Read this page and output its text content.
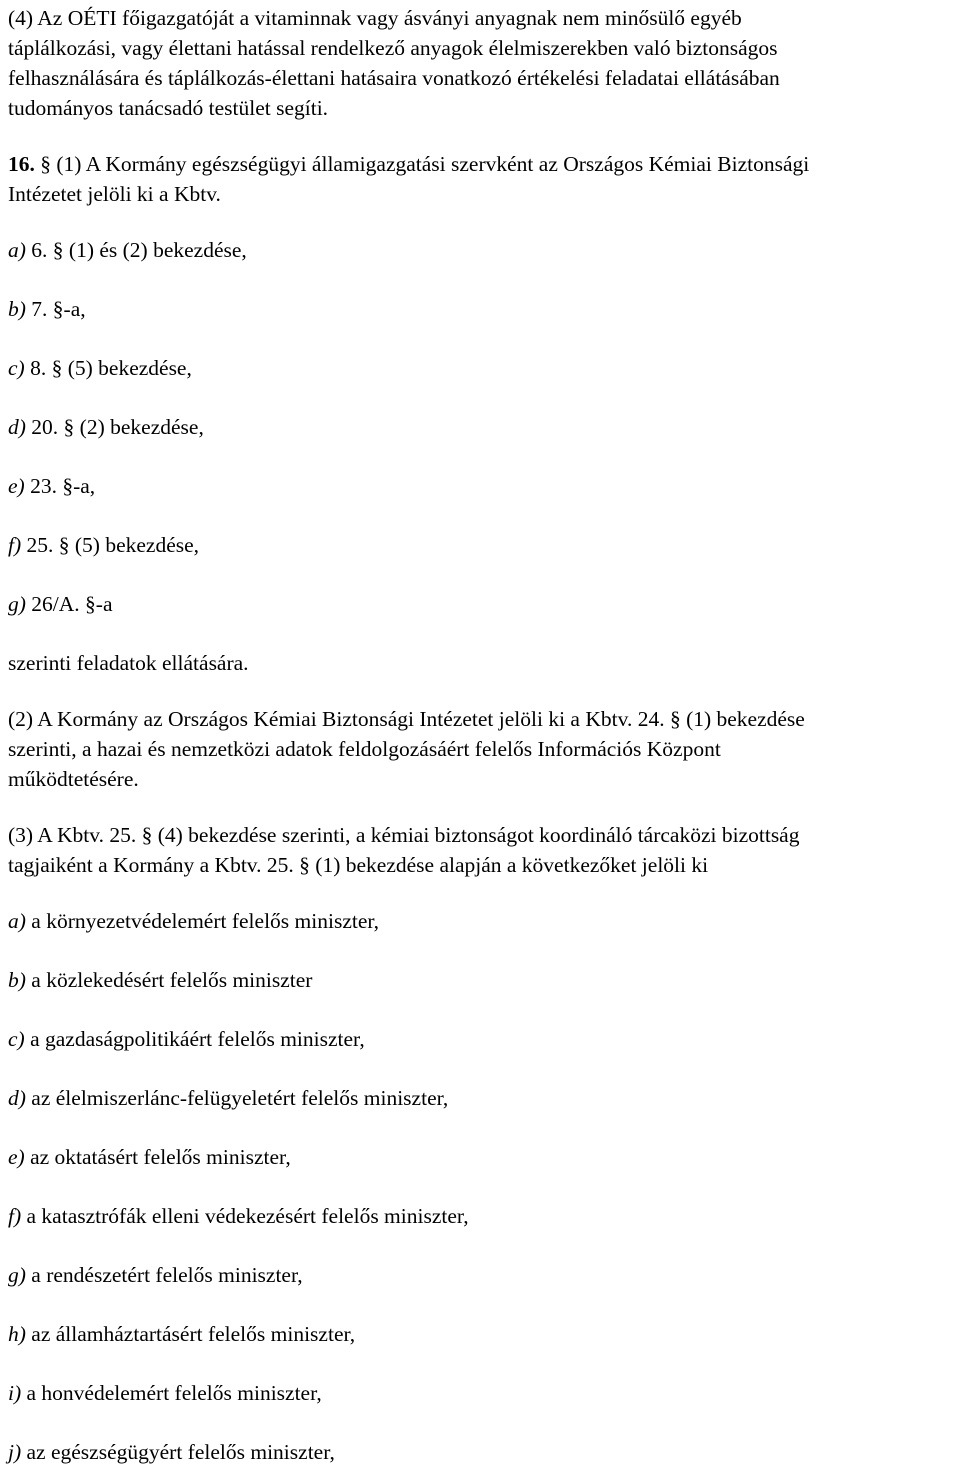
(4) Az OÉTI főigazgatóját a vitaminnak vagy ásványi anyagnak nem minősülő egyéb

táplálkozási, vagy élettani hatással rendelkező anyagok élelmiszerekben való biztonságos

felhasználására és táplálkozás-élettani hatásaira vonatkozó értékelési feladatai ellátásában

tudományos tanácsadó testület segíti.

16. § (1) A Kormány egészségügyi államigazgatási szervként az Országos Kémiai Biztonsági

Intézetet jelöli ki a Kbtv.

a) 6. § (1) és (2) bekezdése,

b) 7. §-a,

c) 8. § (5) bekezdése,

d) 20. § (2) bekezdése,

e) 23. §-a,

f) 25. § (5) bekezdése,

g) 26/A. §-a

szerinti feladatok ellátására.

(2) A Kormány az Országos Kémiai Biztonsági Intézetet jelöli ki a Kbtv. 24. § (1) bekezdése

szerinti, a hazai és nemzetközi adatok feldolgozásáért felelős Információs Központ

működtetésére.

(3) A Kbtv. 25. § (4) bekezdése szerinti, a kémiai biztonságot koordináló tárcaközi bizottság

tagjaiként a Kormány a Kbtv. 25. § (1) bekezdése alapján a következőket jelöli ki

a) a környezetvédelemért felelős miniszter,

b) a közlekedésért felelős miniszter

c) a gazdaságpolitikáért felelős miniszter,

d) az élelmiszerlánc-felügyeletért felelős miniszter,

e) az oktatásért felelős miniszter,

f) a katasztrófák elleni védekezésért felelős miniszter,

g) a rendészetért felelős miniszter,

h) az államháztartásért felelős miniszter,

i) a honvédelemért felelős miniszter,

j) az egészségügyért felelős miniszter,
